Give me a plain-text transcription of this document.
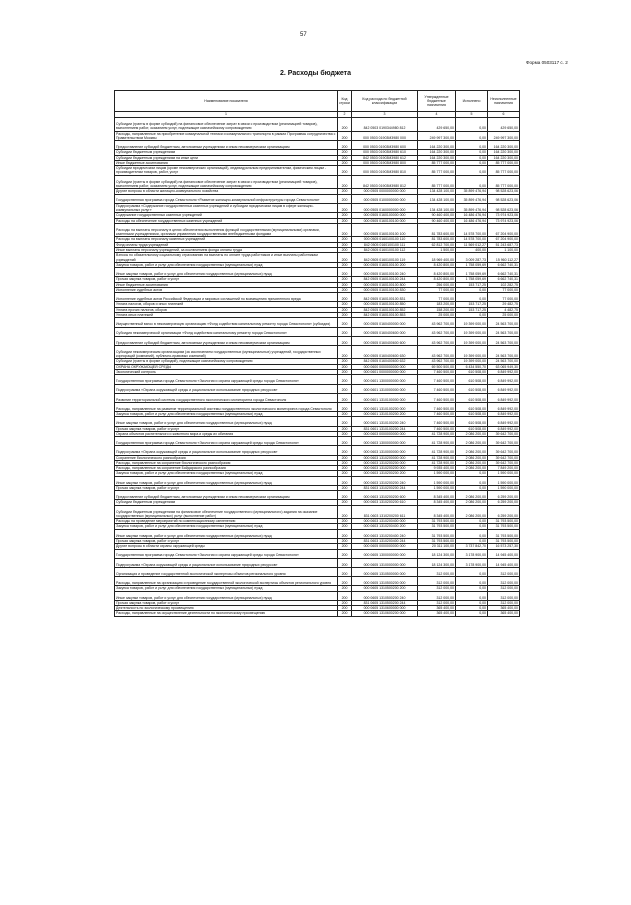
57
Форма 0503117 с. 2
2. Расходы бюджета
Наименование показателя	Код строки	Код расхода по бюджетной классификации	Утвержденные бюджетные назначения	Исполнено	Неисполненные назначения
1	2	3	4	5	6
Субсидии (гранты в форме субсидий) на финансовое обеспечение затрат в связи с производством (реализацией товаров), выполнением работ, оказанием услуг, подлежащие казначейскому сопровождению	200	842 0503 0190344980 812	429 650,00	0,00	429 650,00
Расходы, направленные на приобретение коммунальной техники и коммунального транспорта в рамках Программы сотрудничества с Правительством Москвы	200	000 0503 01903M3980 000	249 997 300,00	0,00	249 997 300,00
Предоставление субсидий бюджетным, автономным учреждениям и иным некоммерческим организациям	200	000 0503 01903M3980 600	164 220 300,00	0,00	164 220 300,00
Субсидии бюджетным учреждениям	200	000 0503 01903M3980 610	164 220 300,00	0,00	164 220 300,00
Субсидии бюджетным учреждениям на иные цели	200	842 0503 01903M3980 612	164 220 300,00	0,00	164 220 300,00
Иные бюджетные ассигнования	200	000 0503 01903M3980 800	85 777 000,00	0,00	85 777 000,00
Субсидии юридическим лицам (кроме некоммерческих организаций), индивидуальным предпринимателям, физическим лицам - производителям товаров, работ, услуг	200	000 0503 01903M3980 810	85 777 000,00	0,00	85 777 000,00
Субсидии (гранты в форме субсидий) на финансовое обеспечение затрат в связи с производством (реализацией товаров), выполнением работ, оказанием услуг, подлежащие казначейскому сопровождению	200	842 0503 01903M3980 812	85 777 000,00	0,00	85 777 000,00
Другие вопросы в области жилищно-коммунального хозяйства	200	000 0505 0000000000 000	134 428 100,00	35 899 476,94	98 528 623,06
Государственная программа города Севастополя «Развитие жилищно-коммунальной инфраструктуры города Севастополя»	200	000 0505 0100000000 000	134 428 100,00	35 899 476,94	98 528 623,06
Подпрограмма «Содержание государственных казенных учреждений и субсидии юридическим лицам в сфере жилищно-коммунальных услуг»	200	000 0505 0160000000 000	134 428 100,00	35 899 476,94	98 528 623,06
Содержание государственных казенных учреждений	200	000 0505 0160100000 000	90 460 400,00	16 486 476,94	73 974 923,06
Расходы на обеспечение государственных казенных учреждений	200	000 0505 0160100100 000	90 460 400,00	16 486 476,94	73 974 923,06
Расходы на выплаты персоналу в целях обеспечения выполнения функций государственными (муниципальными) органами, казенными учреждениями, органами управления государственными внебюджетными фондами	200	000 0505 0160100100 100	81 783 600,00	14 578 700,00	67 204 900,00
Расходы на выплаты персоналу казенных учреждений	200	000 0505 0160100100 110	81 783 600,00	14 578 700,00	67 204 900,00
Фонд оплаты труда учреждений	200	842 0505 0160100100 111	62 812 700,00	11 569 012,27	51 243 687,73
Иные выплаты персоналу учреждений, за исключением фонда оплаты труда	200	842 0505 0160100100 112	1 500,00	400,00	1 100,00
Взносы по обязательному социальному страхованию на выплаты по оплате труда работников и иные выплаты работникам учреждений	200	842 0505 0160100100 119	18 969 400,00	3 009 287,73	15 960 112,27
Закупка товаров, работ и услуг для обеспечения государственных (муниципальных) нужд	200	000 0505 0160100100 200	8 420 800,00	1 758 059,69	6 662 740,31
Иные закупки товаров, работ и услуг для обеспечения государственных (муниципальных) нужд	200	000 0505 0160100100 240	8 420 800,00	1 758 059,69	6 662 740,31
Прочая закупка товаров, работ и услуг	200	842 0505 0160100100 244	8 420 800,00	1 758 059,69	6 662 740,31
Иные бюджетные ассигнования	200	000 0505 0160100100 800	256 000,00	153 717,25	102 282,75
Исполнение судебных актов	200	000 0505 0160100100 830	77 000,00	0,00	77 000,00
Исполнение судебных актов Российской Федерации и мировых соглашений по возмещению причиненного вреда	200	842 0505 0160100100 831	77 000,00	0,00	77 000,00
Уплата налогов, сборов и иных платежей	200	000 0505 0160100100 850	183 200,00	153 717,25	29 482,75
Уплата прочих налогов, сборов	200	842 0505 0160100100 852	158 200,00	153 717,25	4 482,75
Уплата иных платежей	200	842 0505 0160100100 853	25 000,00	0,00	25 000,00
Имущественный взнос в некоммерческую организацию «Фонд содействия капитальному ремонту города Севастополя» (субсидия)	200	000 0505 0160400000 000	43 962 700,00	19 399 000,00	24 563 700,00
Субсидия некоммерческой организации «Фонд содействия капитальному ремонту города Севастополя»	200	000 0505 0160400600 000	43 962 700,00	19 399 000,00	24 563 700,00
Предоставление субсидий бюджетным, автономным учреждениям и иным некоммерческим организациям	200	000 0505 0160400600 600	43 962 700,00	19 399 000,00	24 563 700,00
Субсидии некоммерческим организациям (за исключением государственных (муниципальных) учреждений, государственных корпораций (компаний), публично-правовых компаний)	200	000 0505 0160400600 630	43 962 700,00	19 399 000,00	24 563 700,00
Субсидии (гранты в форме субсидий), подлежащие казначейскому сопровождению	200	842 0505 0160400600 632	43 962 700,00	19 399 000,00	24 563 700,00
ОХРАНА ОКРУЖАЮЩЕЙ СРЕДЫ	200	000 0600 0000000000 000	69 500 500,00	6 434 550,70	63 065 949,30
Экологический контроль	200	000 0601 0000000000 000	7 460 500,00	610 508,00	6 849 992,00
Государственная программа города Севастополя «Экология и охрана окружающей среды города Севастополя»	200	000 0601 1300000000 000	7 460 500,00	610 508,00	6 849 992,00
Подпрограмма «Охрана окружающей среды и рациональное использование природных ресурсов»	200	000 0601 1310000000 000	7 460 500,00	610 508,00	6 849 992,00
Развитие территориальной системы государственного экологического мониторинга города Севастополя	200	000 0601 1310100000 000	7 460 500,00	610 508,00	6 849 992,00
Расходы, направленные на развитие территориальной системы государственного экологического мониторинга города Севастополя	200	000 0601 1310100200 000	7 460 500,00	610 508,00	6 849 992,00
Закупка товаров, работ и услуг для обеспечения государственных (муниципальных) нужд	200	000 0601 1310100200 200	7 460 500,00	610 508,00	6 849 992,00
Иные закупки товаров, работ и услуг для обеспечения государственных (муниципальных) нужд	200	000 0601 1310100200 240	7 460 500,00	610 508,00	6 849 992,00
Прочая закупка товаров, работ и услуг	200	831 0601 1310100200 244	7 460 500,00	610 508,00	6 849 992,00
Охрана объектов растительного и животного мира и среды их обитания	200	000 0603 0000000000 000	41 728 900,00	2 086 200,00	39 642 700,00
Государственная программа города Севастополя «Экология и охрана окружающей среды города Севастополя»	200	000 0603 1300000000 000	41 728 900,00	2 086 200,00	39 642 700,00
Подпрограмма «Охрана окружающей среды и рациональное использование природных ресурсов»	200	000 0603 1310000000 000	41 728 900,00	2 086 200,00	39 642 700,00
Сохранение биологического разнообразия	200	000 0603 1310200000 000	41 728 900,00	2 086 200,00	39 642 700,00
Расходы, направленные на сохранение биологического разнообразия	200	000 0603 1310200200 000	41 728 900,00	2 086 200,00	39 642 700,00
Расходы, направленные на сохранение Байдарского разнообразия	200	000 0603 1310200200 000	9 935 400,00	2 086 200,00	7 849 200,00
Закупка товаров, работ и услуг для обеспечения государственных (муниципальных) нужд	200	000 0603 1310200200 200	1 590 000,00	0,00	1 590 000,00
Иные закупки товаров, работ и услуг для обеспечения государственных (муниципальных) нужд	200	000 0603 1310200200 240	1 590 000,00	0,00	1 590 000,00
Прочая закупка товаров, работ и услуг	200	831 0603 1310200200 244	1 590 000,00	0,00	1 590 000,00
Предоставление субсидий бюджетным, автономным учреждениям и иным некоммерческим организациям	200	000 0603 1310200200 600	8 345 400,00	2 086 200,00	6 259 200,00
Субсидии бюджетным учреждениям	200	000 0603 1310200200 610	8 345 400,00	2 086 200,00	6 259 200,00
Субсидии бюджетным учреждениям на финансовое обеспечение государственного (муниципального) задания на оказание государственных (муниципальных) услуг (выполнение работ)	200	831 0603 1310200200 611	8 345 400,00	2 086 200,00	6 259 200,00
Расходы на проведение мероприятий по компенсационному озеленению	200	000 0603 1310200400 000	31 793 500,00	0,00	31 793 500,00
Закупка товаров, работ и услуг для обеспечения государственных (муниципальных) нужд	200	000 0603 1310200400 200	31 793 500,00	0,00	31 793 500,00
Иные закупки товаров, работ и услуг для обеспечения государственных (муниципальных) нужд	200	000 0603 1310200400 240	31 793 500,00	0,00	31 793 500,00
Прочая закупка товаров, работ и услуг	200	831 0603 1310200400 244	31 793 500,00	0,00	31 793 500,00
Другие вопросы в области охраны окружающей среды	200	000 0605 0000000000 000	20 311 100,00	3 737 842,70	16 573 257,30
Государственная программа города Севастополя «Экология и охрана окружающей среды города Севастополя»	200	000 0605 1300000000 000	18 124 300,00	3 178 900,00	14 945 400,00
Подпрограмма «Охрана окружающей среды и рациональное использование природных ресурсов»	200	000 0605 1310000000 000	18 124 300,00	3 178 900,00	14 945 400,00
Организация и проведение государственной экологической экспертизы объектов регионального уровня	200	000 0605 1310500000 000	312 000,00	0,00	312 000,00
Расходы, направленные на организацию и проведение государственной экологической экспертизы объектов регионального уровня	200	000 0605 1310500200 000	312 000,00	0,00	312 000,00
Закупка товаров, работ и услуг для обеспечения государственных (муниципальных) нужд	200	000 0605 1310500200 200	312 000,00	0,00	312 000,00
Иные закупки товаров, работ и услуг для обеспечения государственных (муниципальных) нужд	200	000 0605 1310500200 240	312 000,00	0,00	312 000,00
Прочая закупка товаров, работ и услуг	200	831 0605 1310500200 244	312 000,00	0,00	312 000,00
Деятельность по экологическому просвещению	200	000 0605 1310600000 000	365 400,00	0,00	365 400,00
Расходы, направленные на осуществление деятельности по экологическому просвещению	200	000 0605 1310600200 000	365 400,00	0,00	365 400,00
